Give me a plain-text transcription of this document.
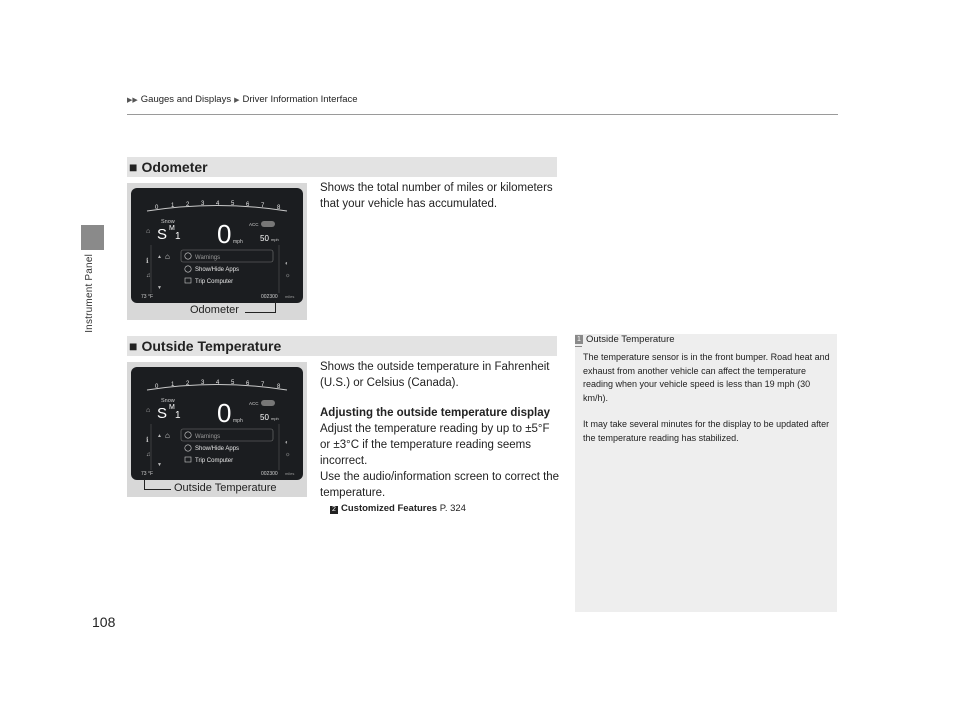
Instrument Panel
▶▶ Gauges and Displays ▶ Driver Information Interface
■ Odometer
0 1 2 3 4 5 6 7 8
Snow
S M
1 0 mph
ACC
50 mph
⌂
ℹ
♫
▲
▼
⌂	Warnings
Show/Hide Apps
Trip Computer
◐
☼
73 °F	002300 miles
Odometer
Shows the total number of miles or kilometers that your vehicle has accumulated.
■ Outside Temperature
0 1 2 3 4 5 6 7 8
Snow
S M
1 0 mph
ACC
50 mph
⌂
ℹ
♫
▲
▼
⌂	Warnings
Show/Hide Apps
Trip Computer
◐
☼
73 °F	002300 miles
Outside Temperature
Shows the outside temperature in Fahrenheit (U.S.) or Celsius (Canada).
Adjusting the outside temperature display
Adjust the temperature reading by up to ±5°F or ±3°C if the temperature reading seems incorrect.
Use the audio/information screen to correct the temperature.
2 Customized Features P. 324
1 Outside Temperature
The temperature sensor is in the front bumper. Road heat and exhaust from another vehicle can affect the temperature reading when your vehicle speed is less than 19 mph (30 km/h).
It may take several minutes for the display to be updated after the temperature reading has stabilized.
108
